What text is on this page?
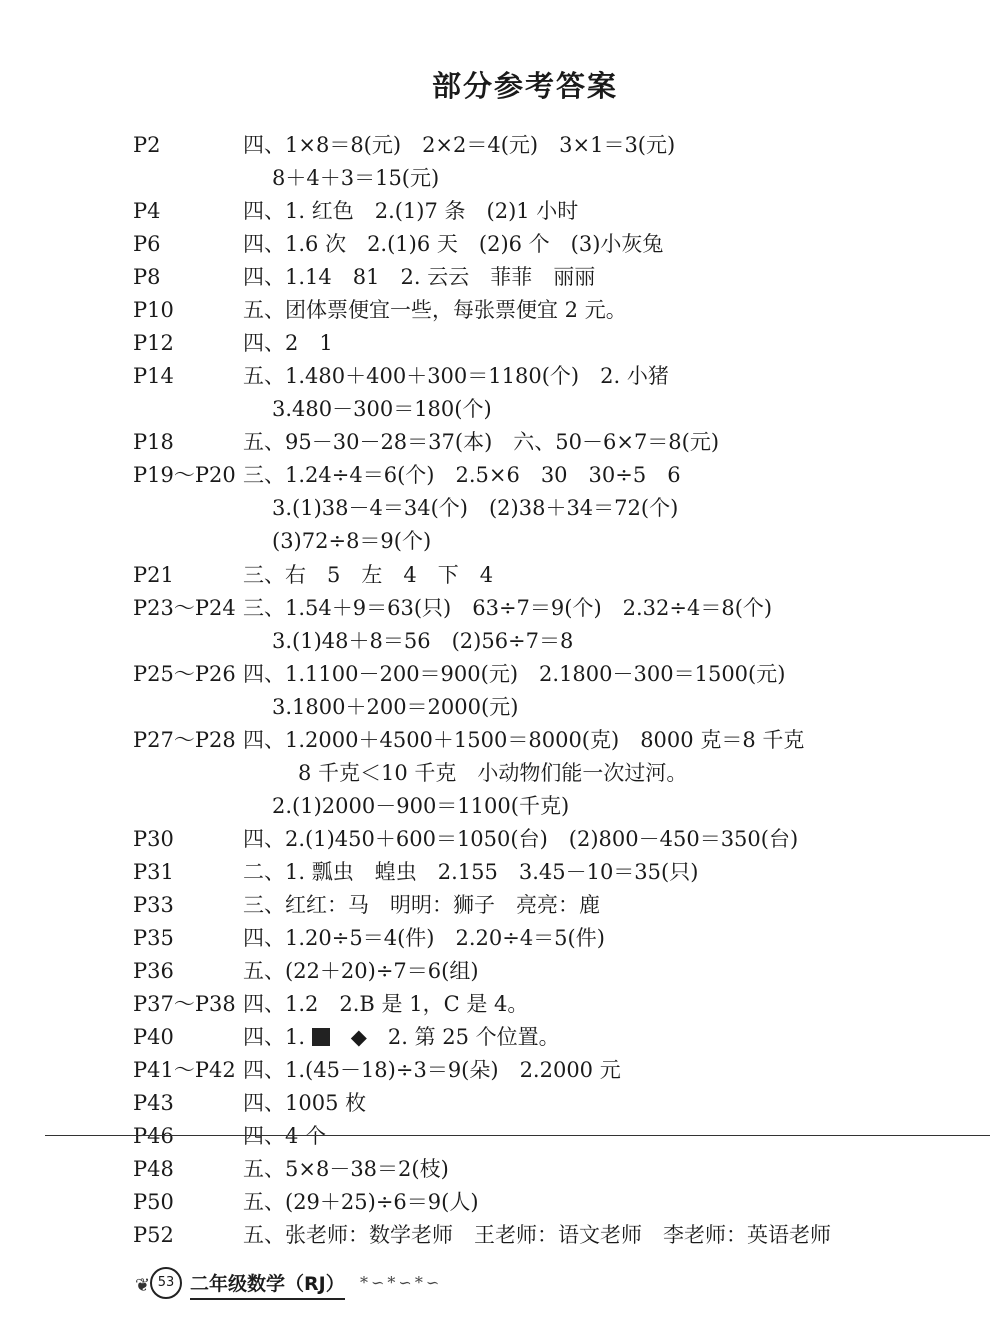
部分参考答案
P2	四、1×8＝8(元)　2×2＝4(元)　3×1＝3(元)
8＋4＋3＝15(元)
P4	四、1. 红色　2.(1)7 条　(2)1 小时
P6	四、1.6 次　2.(1)6 天　(2)6 个　(3)小灰兔
P8	四、1.14　81　2. 云云　菲菲　丽丽
P10	五、团体票便宜一些，每张票便宜 2 元。
P12	四、2　1
P14	五、1.480＋400＋300＝1180(个)　2. 小猪
3.480－300＝180(个)
P18	五、95－30－28＝37(本)　六、50－6×7＝8(元)
P19～P20 三、1.24÷4＝6(个)　2.5×6　30　30÷5　6
3.(1)38－4＝34(个)　(2)38＋34＝72(个)
(3)72÷8＝9(个)
P21	三、右　5　左　4　下　4
P23～P24 三、1.54＋9＝63(只)　63÷7＝9(个)　2.32÷4＝8(个)
3.(1)48＋8＝56　(2)56÷7＝8
P25～P26 四、1.1100－200＝900(元)　2.1800－300＝1500(元)
3.1800＋200＝2000(元)
P27～P28 四、1.2000＋4500＋1500＝8000(克)　8000 克＝8 千克
8 千克＜10 千克　小动物们能一次过河。
2.(1)2000－900＝1100(千克)
P30	四、2.(1)450＋600＝1050(台)　(2)800－450＝350(台)
P31	二、1. 瓢虫　蝗虫　2.155　3.45－10＝35(只)
P33	三、红红：马　明明：狮子　亮亮：鹿
P35	四、1.20÷5＝4(件)　2.20÷4＝5(件)
P36	五、(22＋20)÷7＝6(组)
P37～P38 四、1.2　2.B 是 1，C 是 4。
P40	四、1. 　 ◆　 2. 第 25 个位置。
P41～P42 四、1.(45－18)÷3＝9(朵)　2.2000 元
P43	四、1005 枚
P46	四、4 个
P48	五、5×8－38＝2(枝)
P50	五、(29＋25)÷6＝9(人)
P52	五、张老师：数学老师　王老师：语文老师　李老师：英语老师
❦ 53 二年级数学（RJ） *∽*∽*∽
